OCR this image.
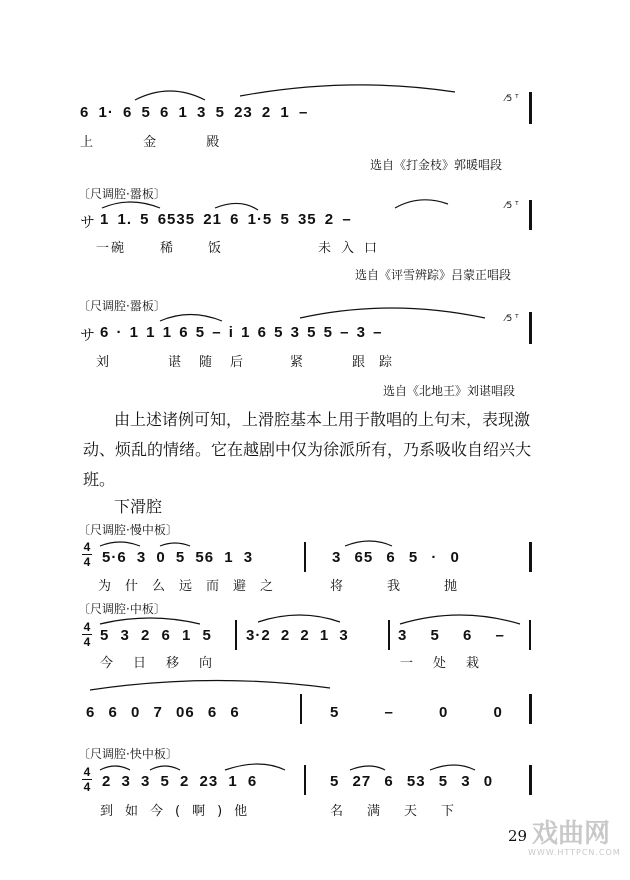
6 1· 6 5 6 1 3 5 23 2 1 –
⁄5 ᵀ
上 金 殿
选自《打金枝》郭暖唱段
〔尺调腔·嚣板〕
サ 1 1. 5 6535 21 6 1·5 5 35 2 –
⁄5 ᵀ
一碗	稀	饭	未入口
选自《评雪辨踪》吕蒙正唱段
〔尺调腔·嚣板〕
サ 6 · 1 1 1 6 5 – i 1 6 5 3 5 5 – 3 –
⁄5 ᵀ
刘	谌随后 紧	跟踪
选自《北地王》刘谌唱段
由上述诸例可知，上滑腔基本上用于散唱的上句末，表现激
动、烦乱的情绪。它在越剧中仅为徐派所有，乃系吸收自绍兴大
班。
下滑腔
〔尺调腔·慢中板〕
4
4 5·6 3 0 5 56 1 3	3 65 6 5 · 0
为什么远而避之	将我抛
〔尺调腔·中板〕
4
4 5 3 2 6 1 5 3·2 2 2 1 3	3 5 6 –
今日移向	一处栽
6 6 0 7 06 6 6	5 – 0 0
〔尺调腔·快中板〕
4
4 2 3 3 5 2 23 1 6	5 27 6 53 5 3 0
到如今(啊)他	名满天下
29 戏曲网
WWW.HTTPCN.COM
